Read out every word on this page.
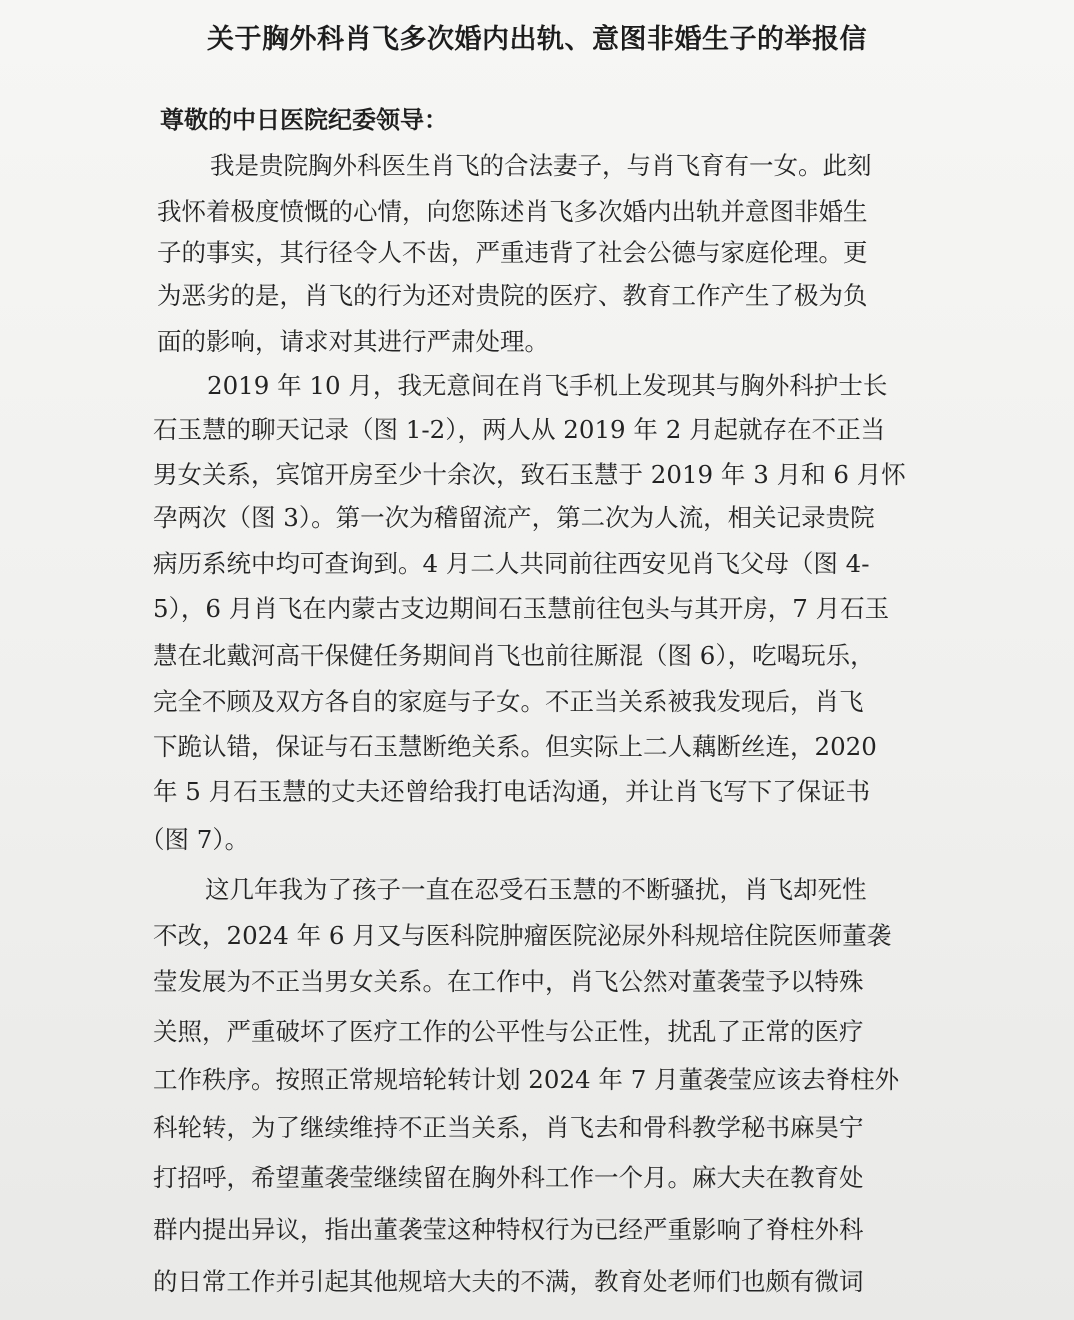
关于胸外科肖飞多次婚内出轨、意图非婚生子的举报信
尊敬的中日医院纪委领导：
我是贵院胸外科医生肖飞的合法妻子，与肖飞育有一女。此刻
我怀着极度愤慨的心情，向您陈述肖飞多次婚内出轨并意图非婚生
子的事实，其行径令人不齿，严重违背了社会公德与家庭伦理。更
为恶劣的是，肖飞的行为还对贵院的医疗、教育工作产生了极为负
面的影响，请求对其进行严肃处理。
2019 年 10 月，我无意间在肖飞手机上发现其与胸外科护士长
石玉慧的聊天记录（图 1-2），两人从 2019 年 2 月起就存在不正当
男女关系，宾馆开房至少十余次，致石玉慧于 2019 年 3 月和 6 月怀
孕两次（图 3）。第一次为稽留流产，第二次为人流，相关记录贵院
病历系统中均可查询到。4 月二人共同前往西安见肖飞父母（图 4-
5），6 月肖飞在内蒙古支边期间石玉慧前往包头与其开房，7 月石玉
慧在北戴河高干保健任务期间肖飞也前往厮混（图 6），吃喝玩乐，
完全不顾及双方各自的家庭与子女。不正当关系被我发现后，肖飞
下跪认错，保证与石玉慧断绝关系。但实际上二人藕断丝连，2020
年 5 月石玉慧的丈夫还曾给我打电话沟通，并让肖飞写下了保证书
（图 7）。
这几年我为了孩子一直在忍受石玉慧的不断骚扰，肖飞却死性
不改，2024 年 6 月又与医科院肿瘤医院泌尿外科规培住院医师董袭
莹发展为不正当男女关系。在工作中，肖飞公然对董袭莹予以特殊
关照，严重破坏了医疗工作的公平性与公正性，扰乱了正常的医疗
工作秩序。按照正常规培轮转计划 2024 年 7 月董袭莹应该去脊柱外
科轮转，为了继续维持不正当关系，肖飞去和骨科教学秘书麻昊宁
打招呼，希望董袭莹继续留在胸外科工作一个月。麻大夫在教育处
群内提出异议，指出董袭莹这种特权行为已经严重影响了脊柱外科
的日常工作并引起其他规培大夫的不满，教育处老师们也颇有微词
